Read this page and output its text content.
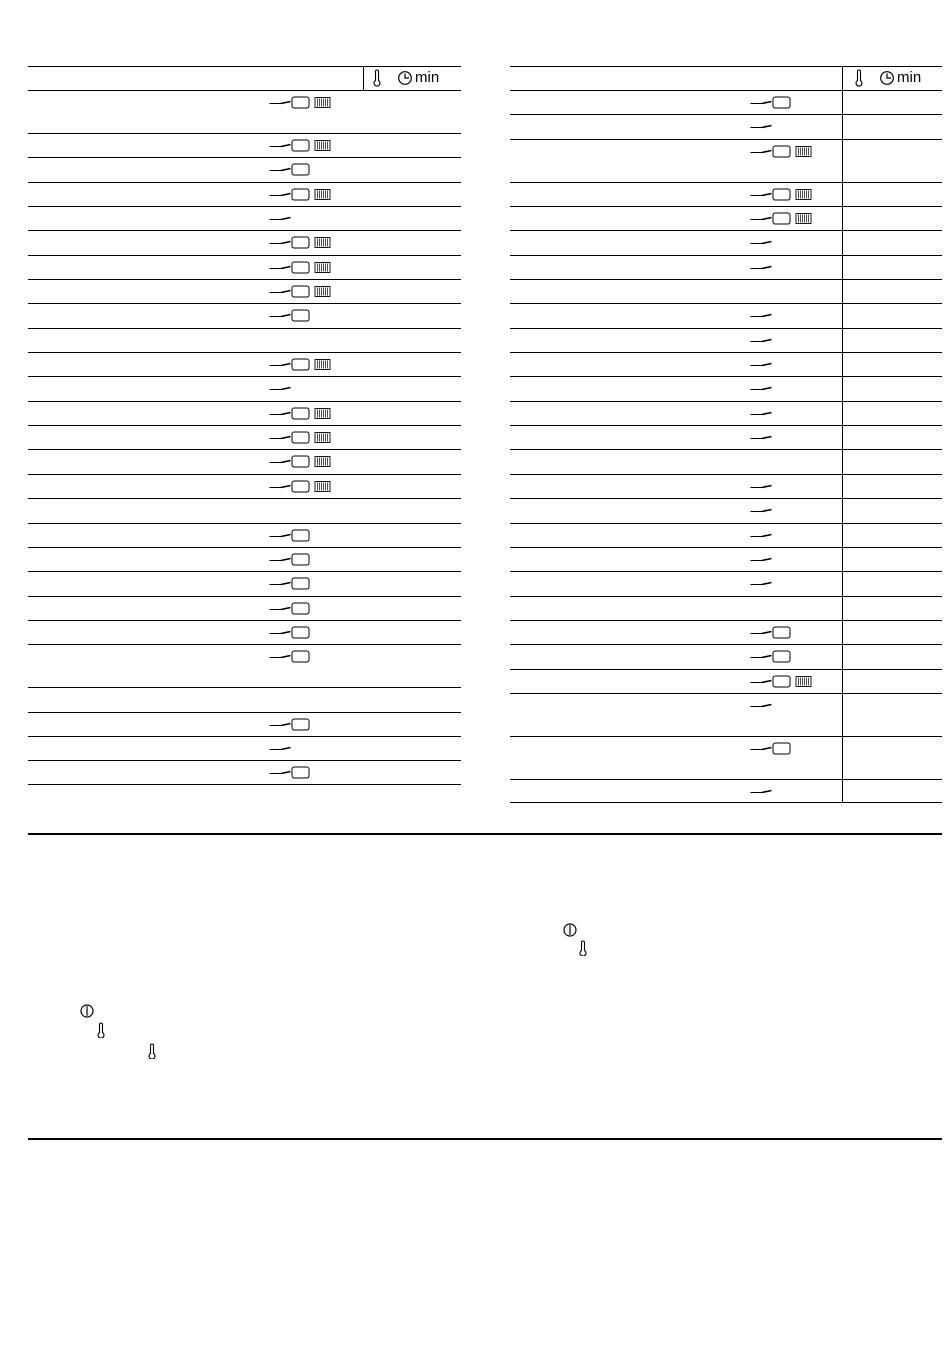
min	min
